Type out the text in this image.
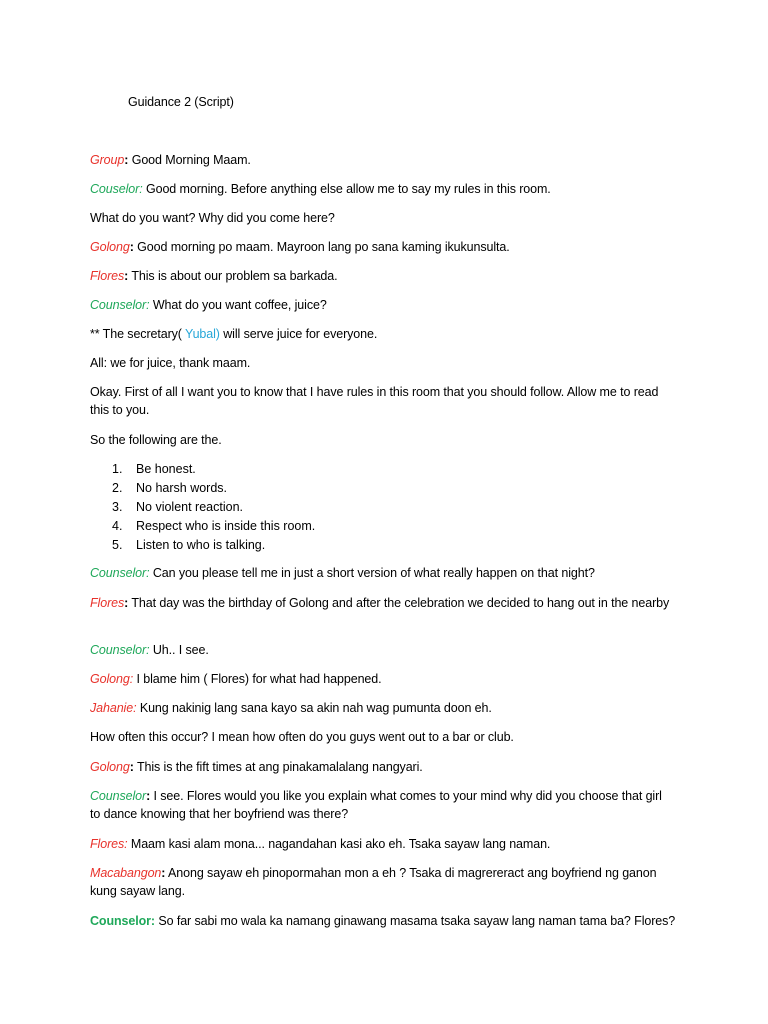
Guidance 2 (Script)
Group: Good Morning Maam.
Couselor: Good morning. Before anything else allow me to say my rules in this room.
What do you want? Why did you come here?
Golong: Good morning po maam. Mayroon lang po sana kaming ikukunsulta.
Flores: This is about our problem sa barkada.
Counselor: What do you want coffee, juice?
** The secretary( Yubal) will serve juice for everyone.
All: we for juice, thank maam.
Okay. First of all I want you to know that I have rules in this room that you should follow. Allow me to read this to you.
So the following are the.
1.	Be honest.
2.	No harsh words.
3.	No violent reaction.
4.	Respect who is inside this room.
5.	Listen to who is talking.
Counselor: Can you please tell me in just a short version of what really happen on that night?
Flores: That day was the birthday of Golong and after the celebration we decided to hang out in the nearby
Counselor: Uh.. I see.
Golong: I blame him ( Flores) for what had happened.
Jahanie: Kung nakinig lang sana kayo sa akin nah wag pumunta doon eh.
How often this occur? I mean how often do you guys went out to a bar or club.
Golong: This is the fift times at ang pinakamalalang nangyari.
Counselor: I see. Flores would you like you explain what comes to your mind why did you choose that girl to dance knowing that her boyfriend was there?
Flores: Maam kasi alam mona... nagandahan kasi ako eh. Tsaka sayaw lang naman.
Macabangon: Anong sayaw eh pinopormahan mon a eh ? Tsaka di magrereract ang boyfriend ng ganon kung sayaw lang.
Counselor: So far sabi mo wala ka namang ginawang masama tsaka sayaw lang naman tama ba? Flores?
